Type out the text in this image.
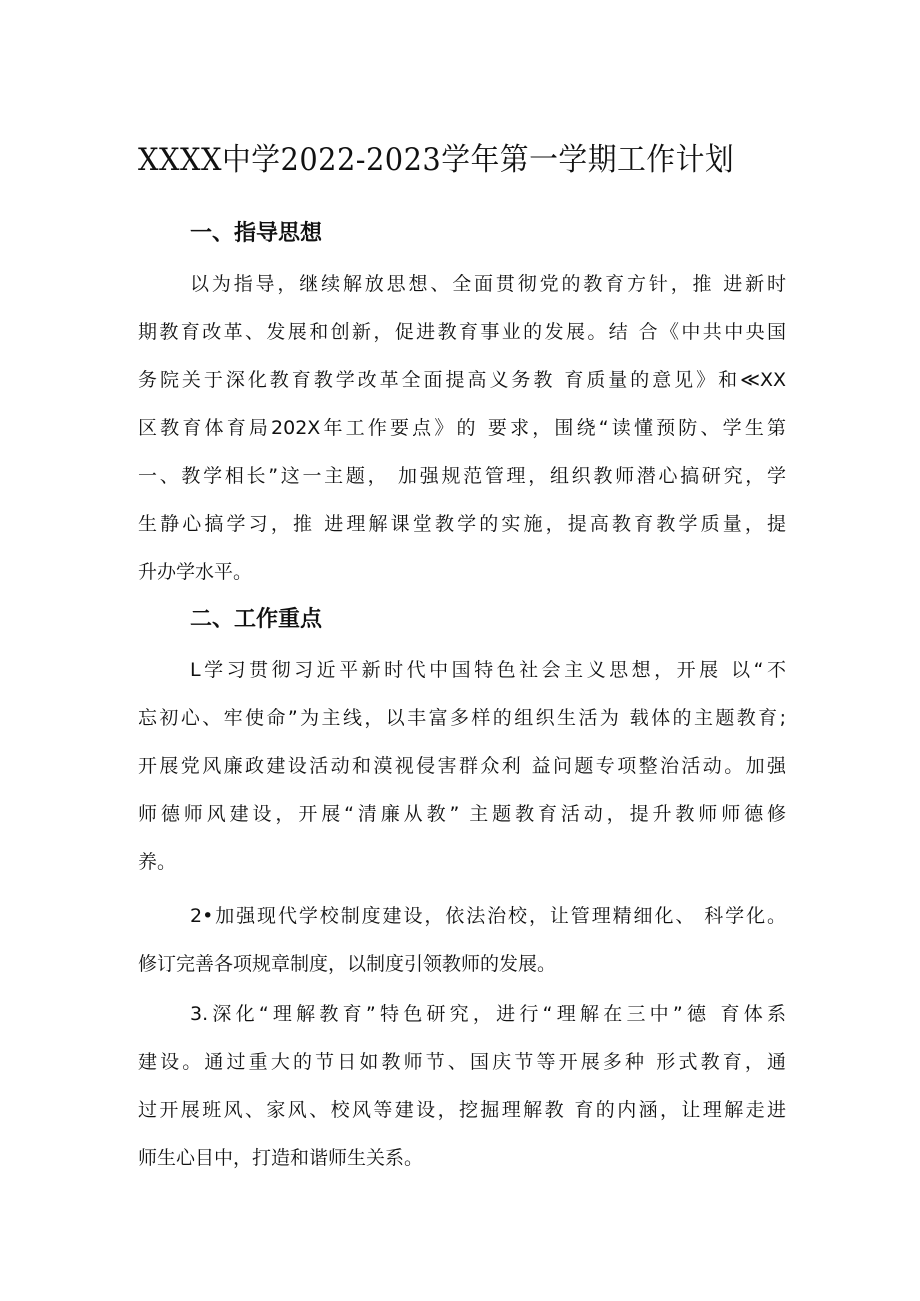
XXXX中学2022-2023学年第一学期工作计划
一、指导思想
以为指导，继续解放思想、全面贯彻党的教育方针，推 进新时
期教育改革、发展和创新，促进教育事业的发展。结 合《中共中央国
务院关于深化教育教学改革全面提高义务教 育质量的意见》和≪XX
区教育体育局202X年工作要点》的 要求，围绕“读懂预防、学生第
一、教学相长”这一主题， 加强规范管理，组织教师潜心搞研究，学
生静心搞学习，推 进理解课堂教学的实施，提高教育教学质量，提
升办学水平。
二、工作重点
L学习贯彻习近平新时代中国特色社会主义思想，开展 以“不
忘初心、牢使命”为主线，以丰富多样的组织生活为 载体的主题教育;
开展党风廉政建设活动和漠视侵害群众利 益问题专项整治活动。加强
师德师风建设，开展“清廉从教” 主题教育活动，提升教师师德修
养。
2•加强现代学校制度建设，依法治校，让管理精细化、 科学化。
修订完善各项规章制度，以制度引领教师的发展。
3.深化“理解教育”特色研究，进行“理解在三中”德 育体系
建设。通过重大的节日如教师节、国庆节等开展多种 形式教育，通
过开展班风、家风、校风等建设，挖掘理解教 育的内涵，让理解走进
师生心目中，打造和谐师生关系。
